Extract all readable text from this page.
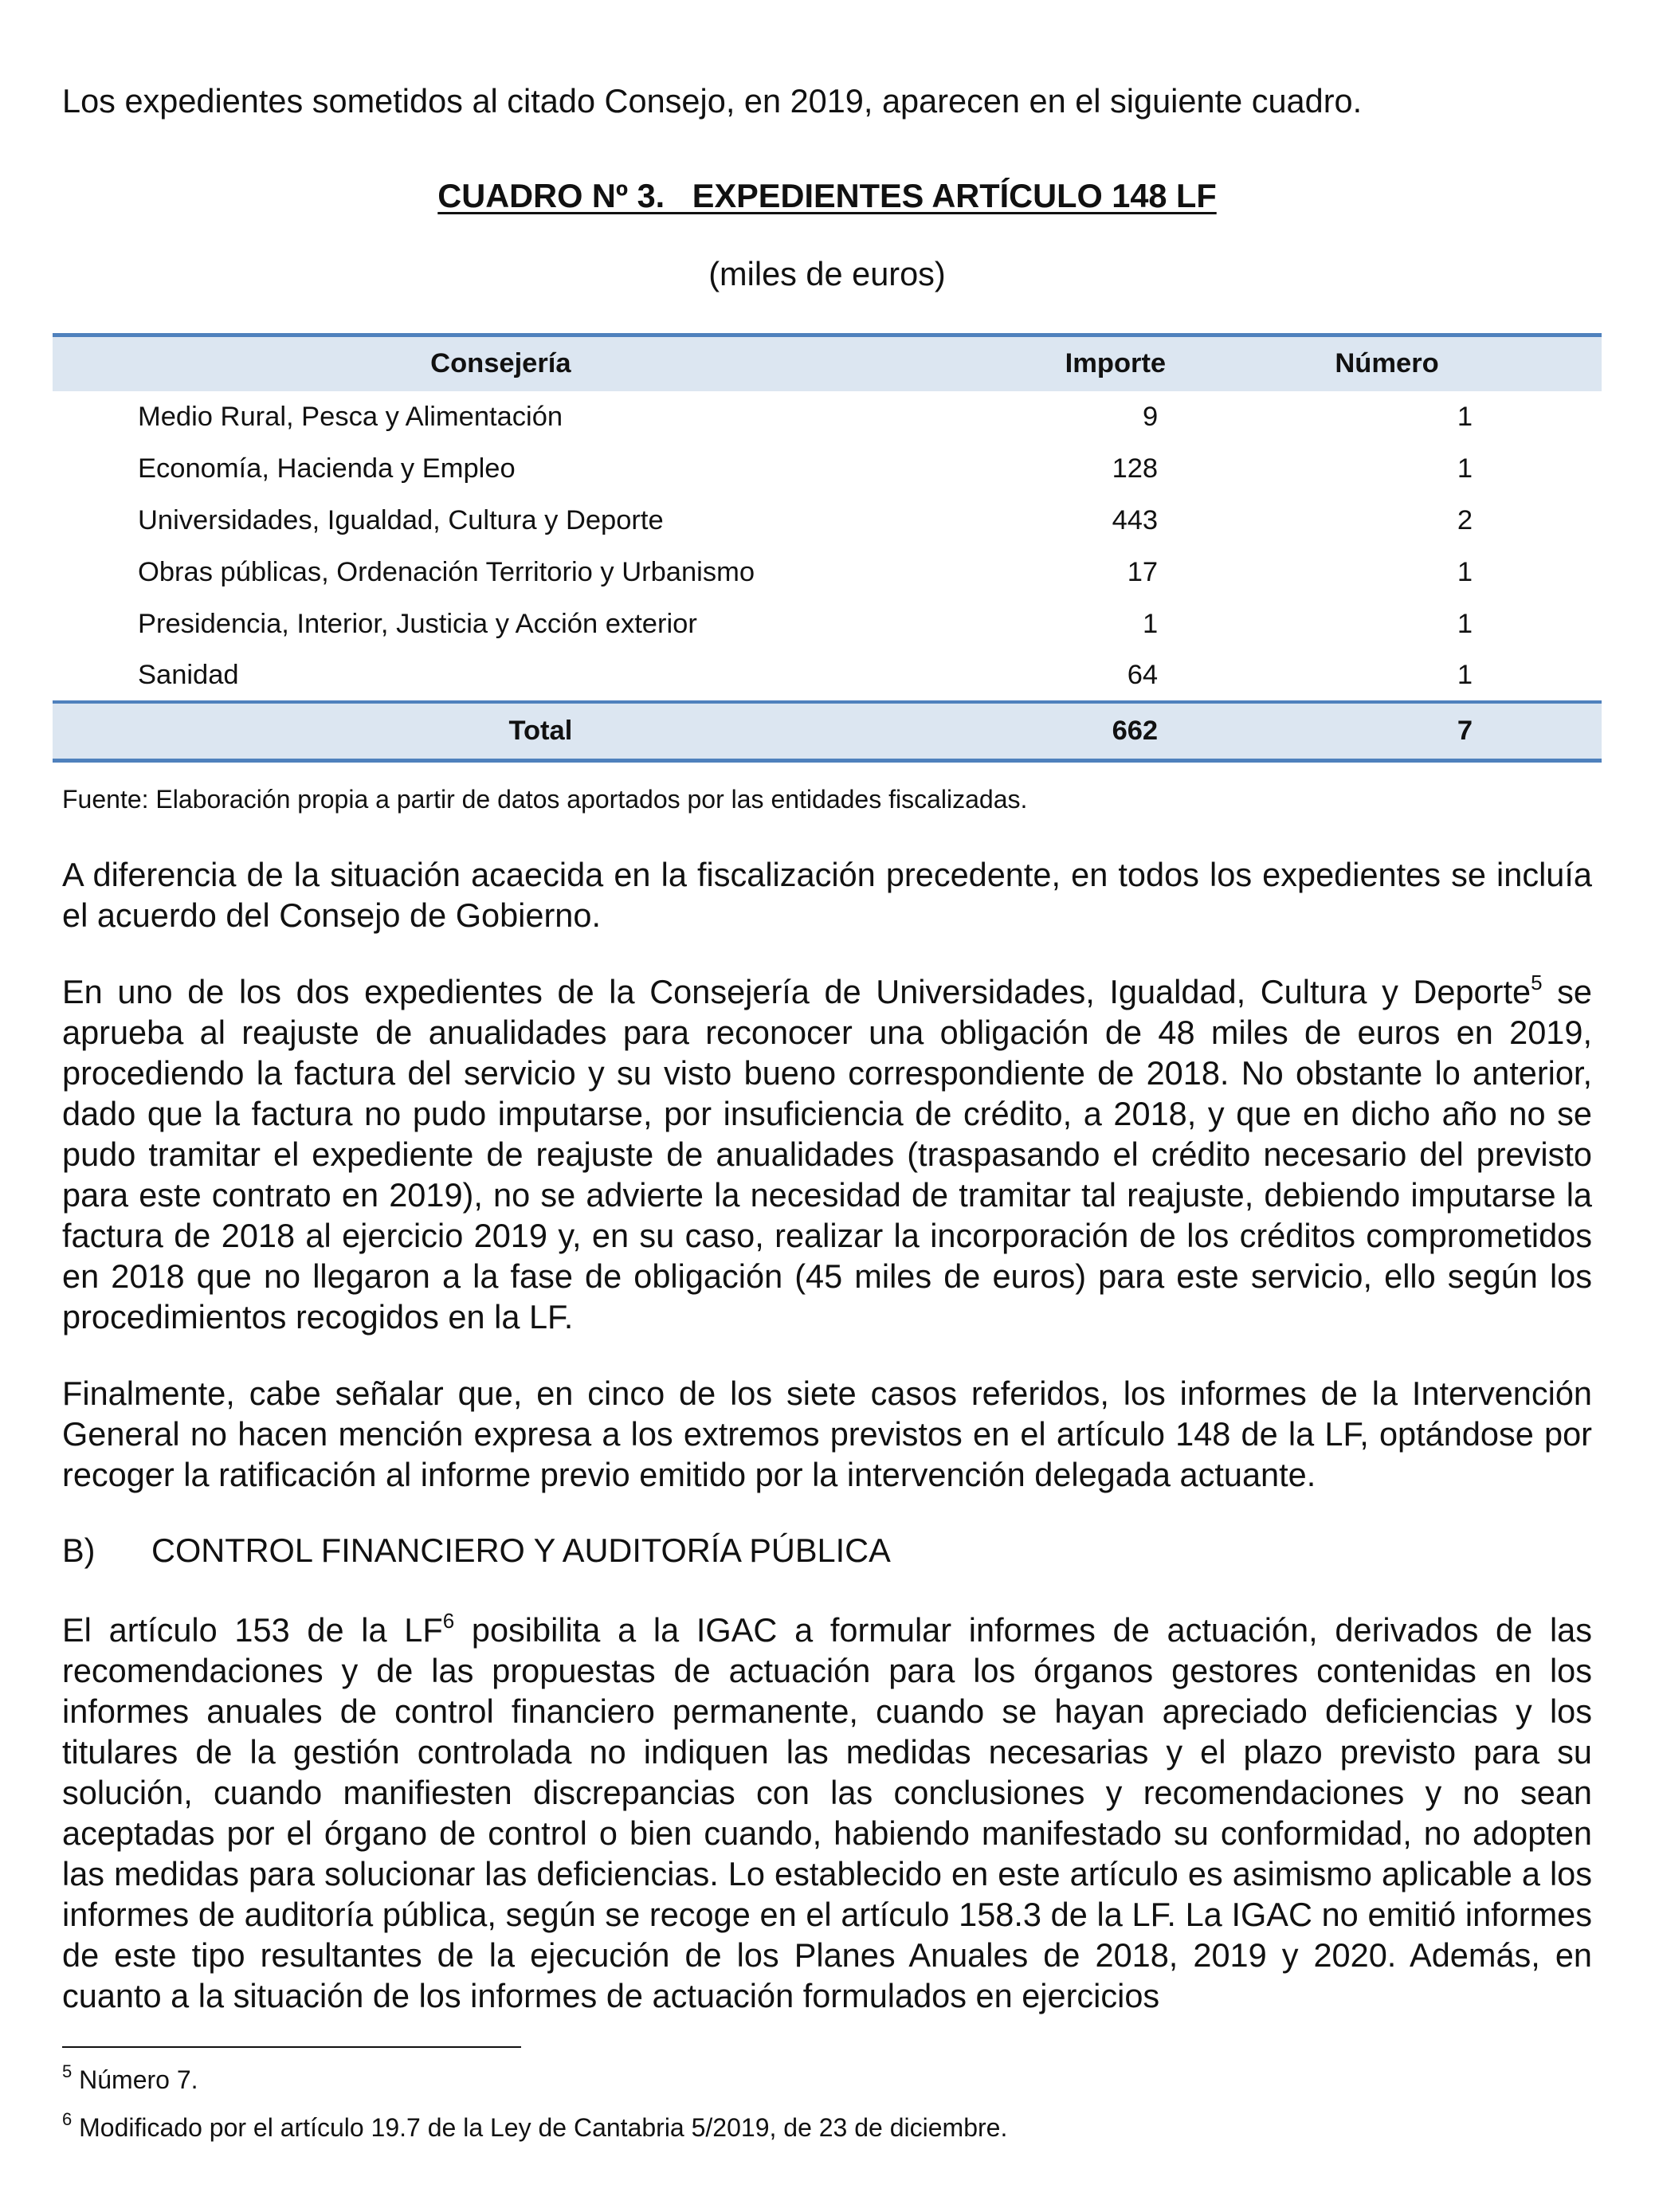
Los expedientes sometidos al citado Consejo, en 2019, aparecen en el siguiente cuadro.
CUADRO Nº 3.   EXPEDIENTES ARTÍCULO 148 LF
(miles de euros)
Consejería	Importe	Número
Medio Rural, Pesca y Alimentación	9	1
Economía, Hacienda y Empleo	128	1
Universidades, Igualdad, Cultura y Deporte	443	2
Obras públicas, Ordenación Territorio y Urbanismo	17	1
Presidencia, Interior, Justicia y Acción exterior	1	1
Sanidad	64	1
Total	662	7
Fuente: Elaboración propia a partir de datos aportados por las entidades fiscalizadas.

A diferencia de la situación acaecida en la fiscalización precedente, en todos los expedientes se incluía el acuerdo del Consejo de Gobierno.

En uno de los dos expedientes de la Consejería de Universidades, Igualdad, Cultura y Deporte$^5$ se aprueba al reajuste de anualidades para reconocer una obligación de 48 miles de euros en 2019, procediendo la factura del servicio y su visto bueno correspondiente de 2018. No obstante lo anterior, dado que la factura no pudo imputarse, por insuficiencia de crédito, a 2018, y que en dicho año no se pudo tramitar el expediente de reajuste de anualidades (traspasando el crédito necesario del previsto para este contrato en 2019), no se advierte la necesidad de tramitar tal reajuste, debiendo imputarse la factura de 2018 al ejercicio 2019 y, en su caso, realizar la incorporación de los créditos comprometidos en 2018 que no llegaron a la fase de obligación (45 miles de euros) para este servicio, ello según los procedimientos recogidos en la LF.

Finalmente, cabe señalar que, en cinco de los siete casos referidos, los informes de la Intervención General no hacen mención expresa a los extremos previstos en el artículo 148 de la LF, optándose por recoger la ratificación al informe previo emitido por la intervención delegada actuante.

B) CONTROL FINANCIERO Y AUDITORÍA PÚBLICA

El artículo 153 de la $LF^6$ posibilita a la IGAC a formular informes de actuación, derivados de las recomendaciones y de las propuestas de actuación para los órganos gestores contenidas en los informes anuales de control financiero permanente, cuando se hayan apreciado deficiencias y los titulares de la gestión controlada no indiquen las medidas necesarias y el plazo previsto para su solución, cuando manifiesten discrepancias con las conclusiones y recomendaciones y no sean aceptadas por el órgano de control o bien cuando, habiendo manifestado su conformidad, no adopten las medidas para solucionar las deficiencias. Lo establecido en este artículo es asimismo aplicable a los informes de auditoría pública, según se recoge en el artículo 158.3 de la LF. La IGAC no emitió informes de este tipo resultantes de la ejecución de los Planes Anuales de 2018, 2019 y 2020. Además, en cuanto a la situación de los informes de actuación formulados en ejercicios

$^5$ Número 7.
$^6$ Modificado por el artículo 19.7 de la Ley de Cantabria 5/2019, de 23 de diciembre.
